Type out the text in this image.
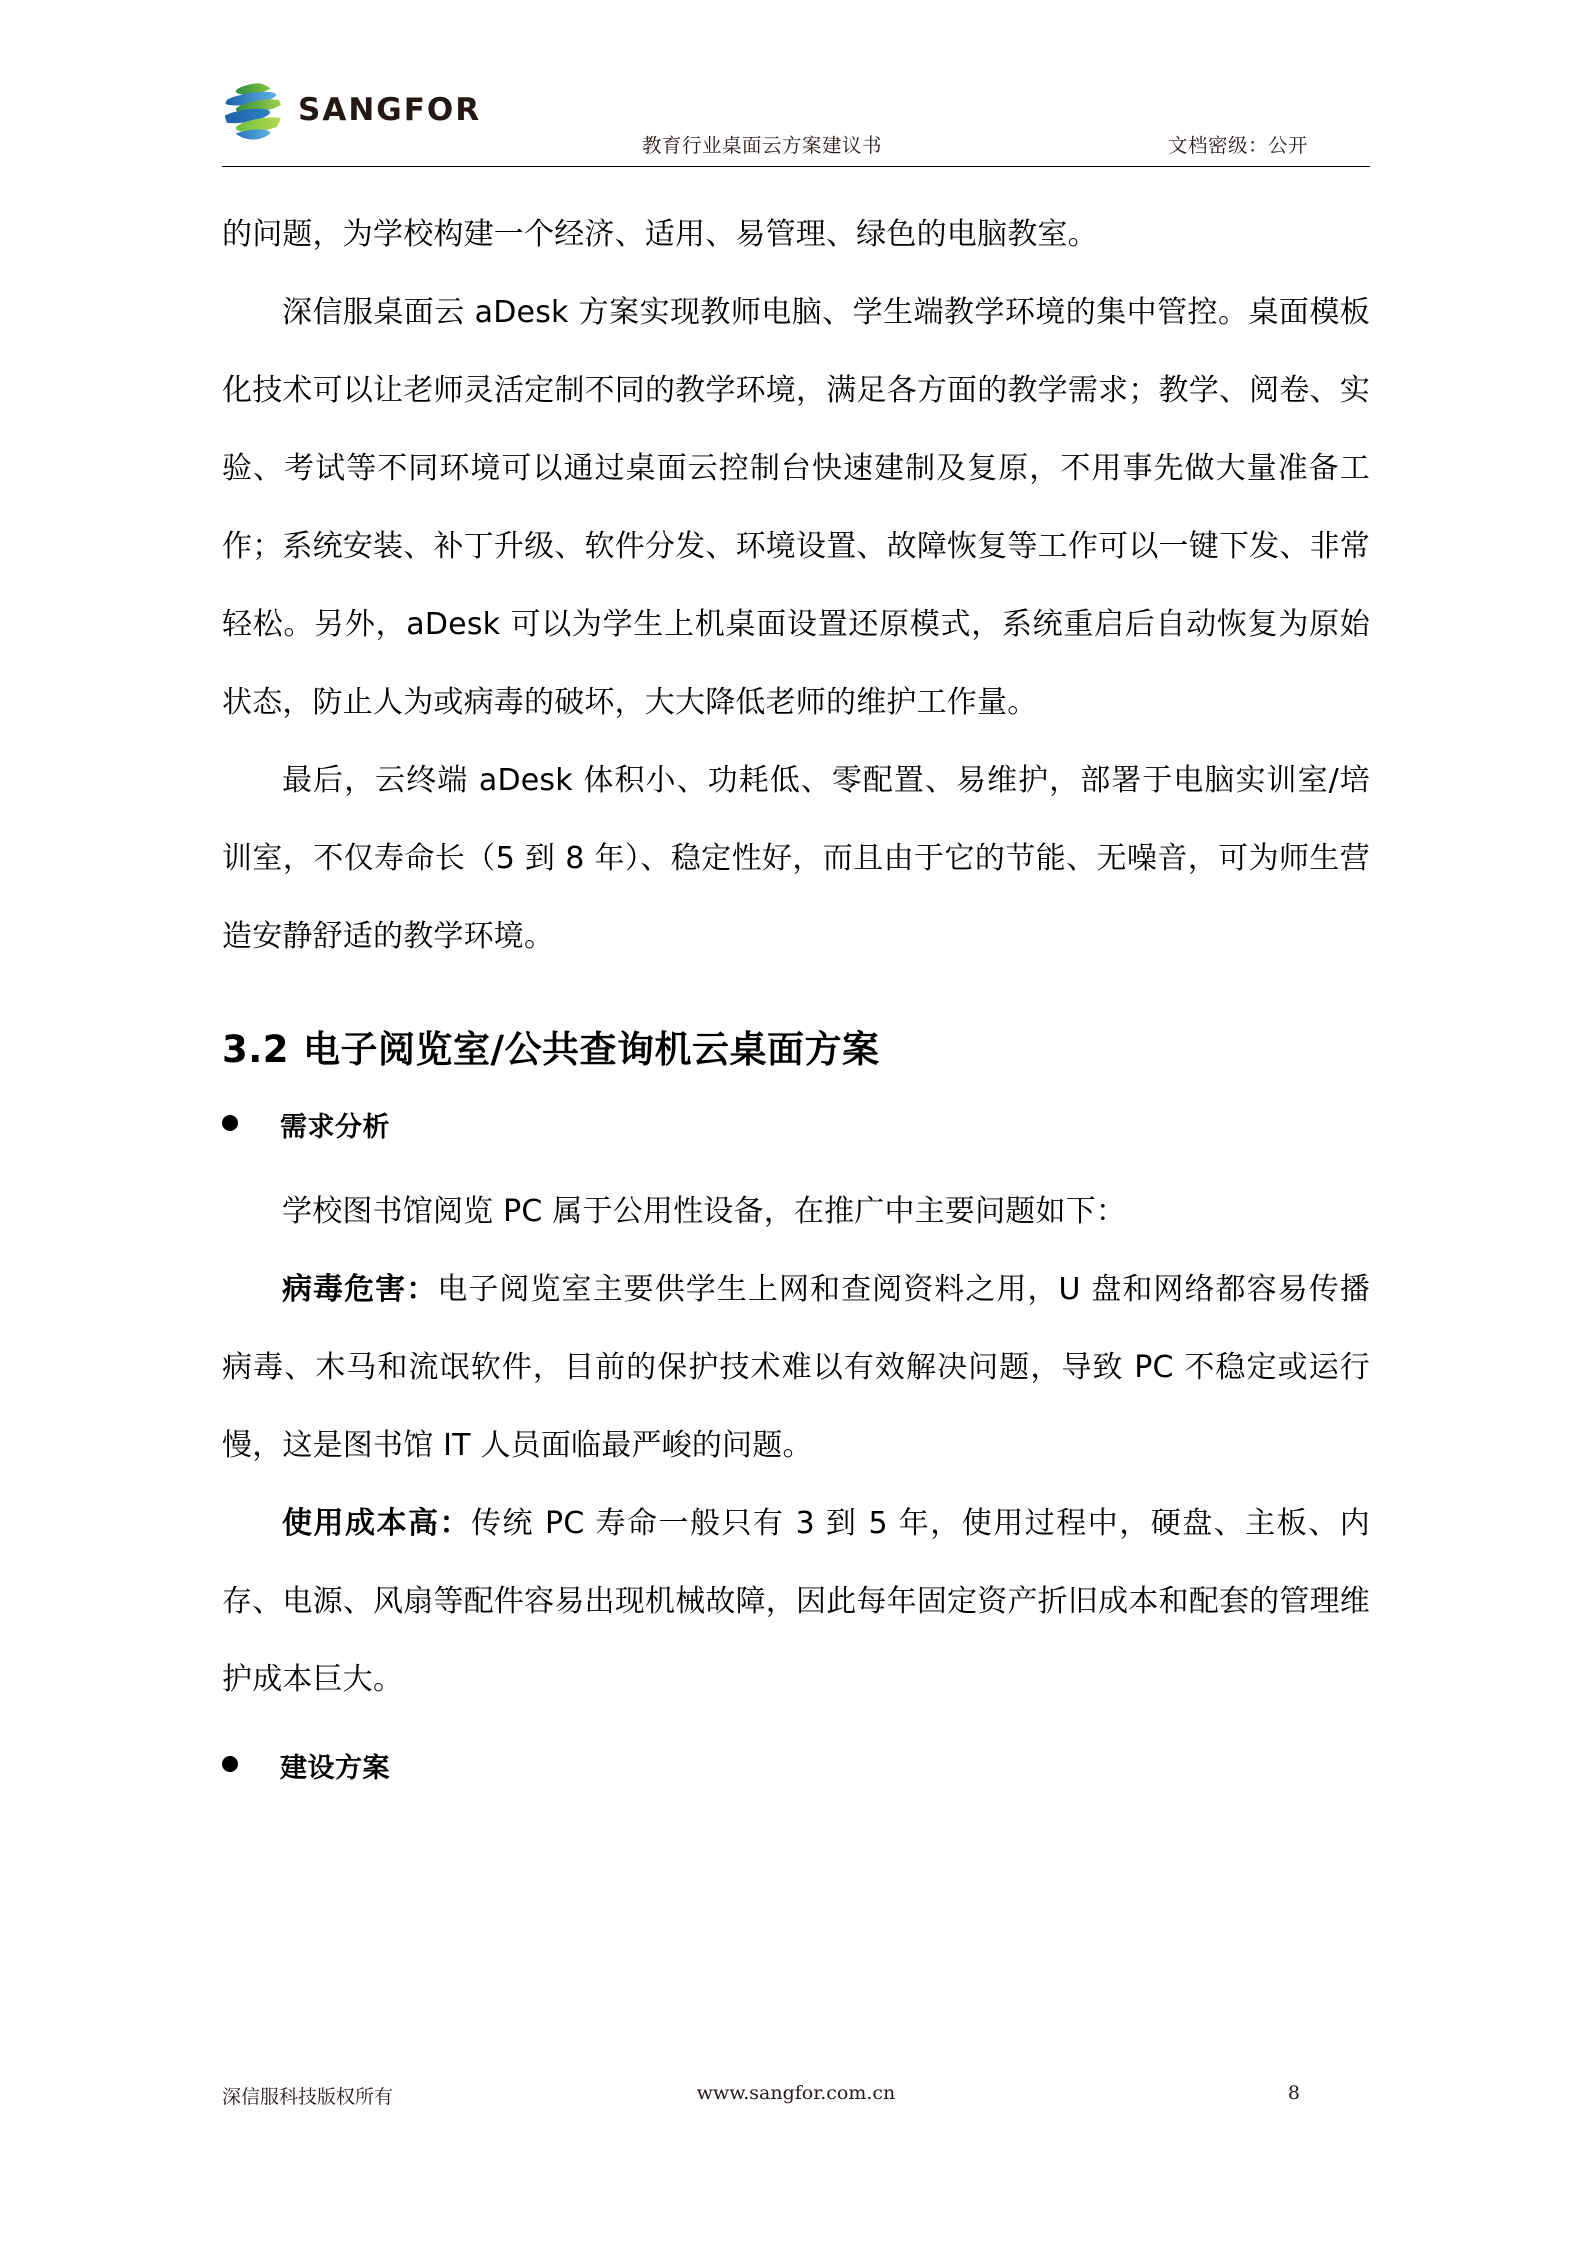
SANGFOR
教育行业桌面云方案建议书	文档密级：公开

的问题，为学校构建一个经济、适用、易管理、绿色的电脑教室。

深信服桌面云 aDesk 方案实现教师电脑、学生端教学环境的集中管控。桌面模板化技术可以让老师灵活定制不同的教学环境，满足各方面的教学需求；教学、阅卷、实验、考试等不同环境可以通过桌面云控制台快速建制及复原，不用事先做大量准备工作；系统安装、补丁升级、软件分发、环境设置、故障恢复等工作可以一键下发、非常轻松。另外，aDesk 可以为学生上机桌面设置还原模式，系统重启后自动恢复为原始状态，防止人为或病毒的破坏，大大降低老师的维护工作量。

最后，云终端 aDesk 体积小、功耗低、零配置、易维护，部署于电脑实训室/培训室，不仅寿命长（5 到 8 年）、稳定性好，而且由于它的节能、无噪音，可为师生营造安静舒适的教学环境。

3.2 电子阅览室/公共查询机云桌面方案
需求分析

学校图书馆阅览 PC 属于公用性设备，在推广中主要问题如下：

病毒危害：电子阅览室主要供学生上网和查阅资料之用，U 盘和网络都容易传播病毒、木马和流氓软件，目前的保护技术难以有效解决问题，导致 PC 不稳定或运行慢，这是图书馆 IT 人员面临最严峻的问题。

使用成本高：传统 PC 寿命一般只有 3 到 5 年，使用过程中，硬盘、主板、内存、电源、风扇等配件容易出现机械故障，因此每年固定资产折旧成本和配套的管理维护成本巨大。

建设方案
深信服科技版权所有	www.sangfor.com.cn	8
